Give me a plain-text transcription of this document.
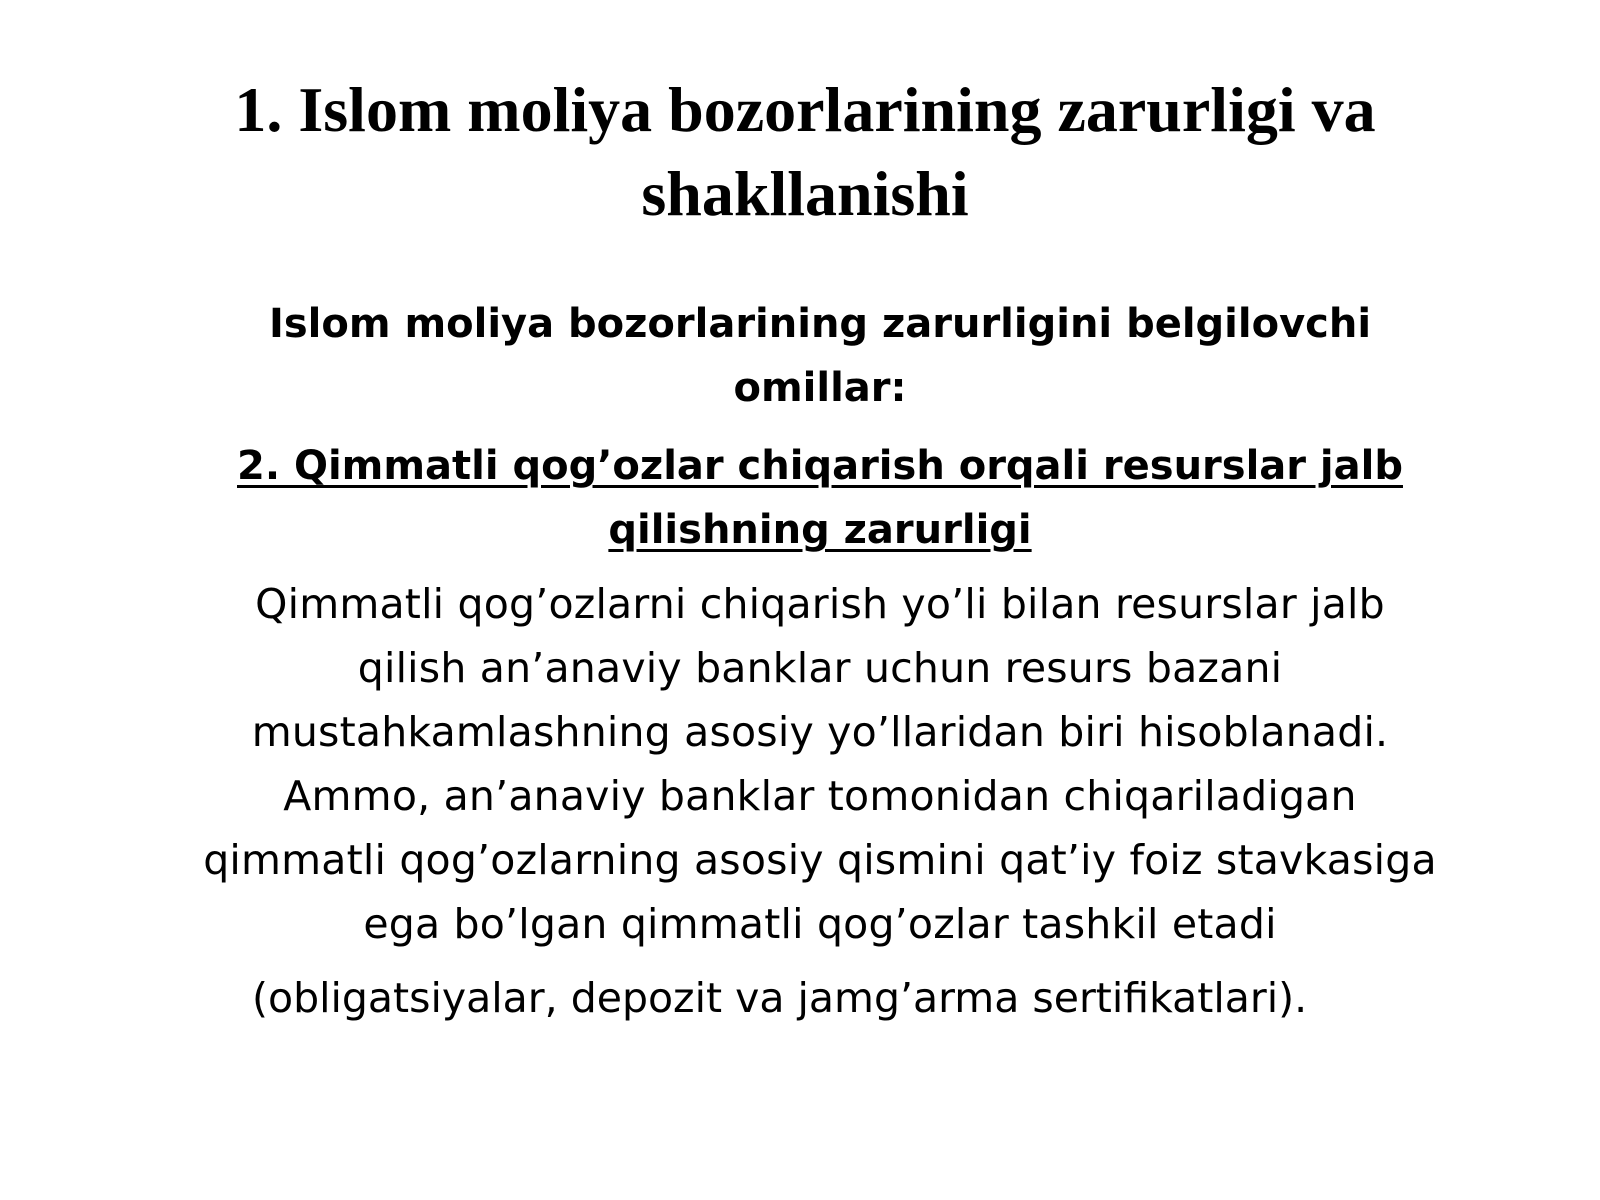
1. Islom moliya bozorlarining zarurligi va shakllanishi

Islom moliya bozorlarining zarurligini belgilovchi omillar:

2. Qimmatli qog’ozlar chiqarish orqali resurslar jalb qilishning zarurligi

Qimmatli qog’ozlarni chiqarish yo’li bilan resurslar jalb qilish an’anaviy banklar uchun resurs bazani mustahkamlashning asosiy yo’llaridan biri hisoblanadi. Ammo, an’anaviy banklar tomonidan chiqariladigan qimmatli qog’ozlarning asosiy qismini qat’iy foiz stavkasiga ega bo’lgan qimmatli qog’ozlar tashkil etadi

(obligatsiyalar, depozit va jamg’arma sertifikatlari).
